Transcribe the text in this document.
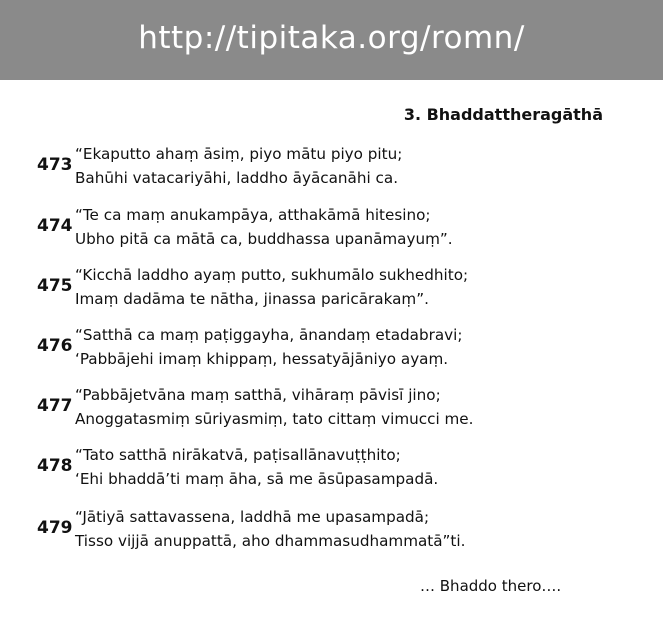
http://tipitaka.org/romn/
3. Bhaddattheragāthā
473
“Ekaputto ahaṃ āsiṃ, piyo mātu piyo pitu;
Bahūhi vatacariyāhi, laddho āyācanāhi ca.
474
“Te ca maṃ anukampāya, atthakāmā hitesino;
Ubho pitā ca mātā ca, buddhassa upanāmayuṃ”.
475
“Kicchā laddho ayaṃ putto, sukhumālo sukhedhito;
Imaṃ dadāma te nātha, jinassa paricārakaṃ”.
476
“Satthā ca maṃ paṭiggayha, ānandaṃ etadabravi;
‘Pabbājehi imaṃ khippaṃ, hessatyājāniyo ayaṃ.
477
“Pabbājetvāna maṃ satthā, vihāraṃ pāvisī jino;
Anoggatasmiṃ sūriyasmiṃ, tato cittaṃ vimucci me.
478
“Tato satthā nirākatvā, paṭisallānavuṭṭhito;
‘Ehi bhaddā’ti maṃ āha, sā me āsūpasampadā.
479
“Jātiyā sattavassena, laddhā me upasampadā;
Tisso vijjā anuppattā, aho dhammasudhammatā”ti.
… Bhaddo thero….
